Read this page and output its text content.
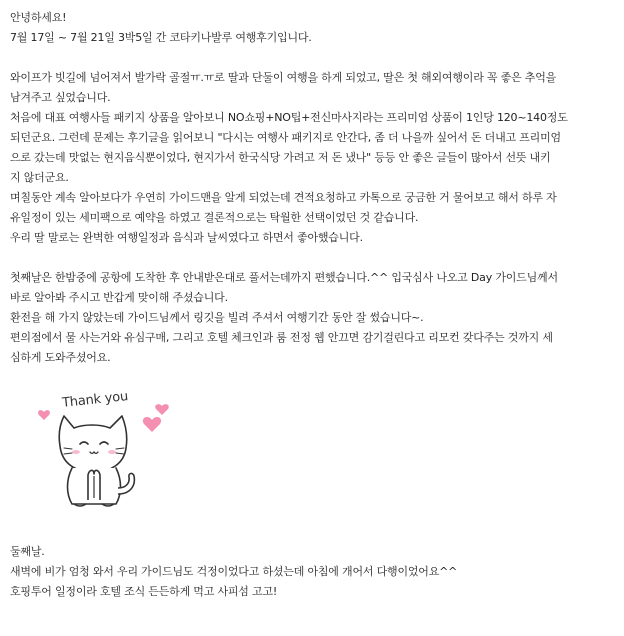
안녕하세요!
7월 17일 ~ 7월 21일 3박5일 간 코타키나발루 여행후기입니다.
와이프가 빗길에 넘어져서 발가락 골절ㅠ.ㅠ로 딸과 단둘이 여행을 하게 되었고, 딸은 첫 해외여행이라 꼭 좋은 추억을
남겨주고 싶었습니다.
처음에 대표 여행사들 패키지 상품을 알아보니 NO쇼핑+NO팁+전신마사지라는 프리미엄 상품이 1인당 120~140정도
되던군요. 그런데 문제는 후기글을 읽어보니 "다시는 여행사 패키지로 안간다, 좀 더 나을까 싶어서 돈 더내고 프리미엄
으로 갔는데 맛없는 현지음식뿐이었다, 현지가서 한국식당 가려고 저 돈 냈나" 등등 안 좋은 글들이 많아서 선뜻 내키
지 않더군요.
며칠동안 계속 알아보다가 우연히 가이드맨을 알게 되었는데 견적요청하고 카톡으로 궁금한 거 물어보고 해서 하루 자
유일정이 있는 세미팩으로 예약을 하였고 결론적으로는 탁월한 선택이었던 것 같습니다.
우리 딸 말로는 완벽한 여행일정과 음식과 날씨였다고 하면서 좋아했습니다.
첫째날은 한밤중에 공항에 도착한 후 안내받은대로 풀서는데까지 편했습니다.^^ 입국심사 나오고 Day 가이드님께서
바로 알아봐 주시고 반갑게 맞이해 주셨습니다.
환전을 해 가지 않았는데 가이드님께서 링깃을 빌려 주셔서 여행기간 동안 잘 썼습니다~.
편의점에서 물 사는거와 유심구매, 그리고 호텔 체크인과 룸 전정 웹 안끄면 감기걸린다고 리모컨 갖다주는 것까지 세
심하게 도와주셨어요.
Thank you
둘째날.
새벽에 비가 엄청 와서 우리 가이드님도 걱정이었다고 하셨는데 아침에 개어서 다행이었어요^^
호핑투어 일정이라 호텔 조식 든든하게 먹고 사피섬 고고!
